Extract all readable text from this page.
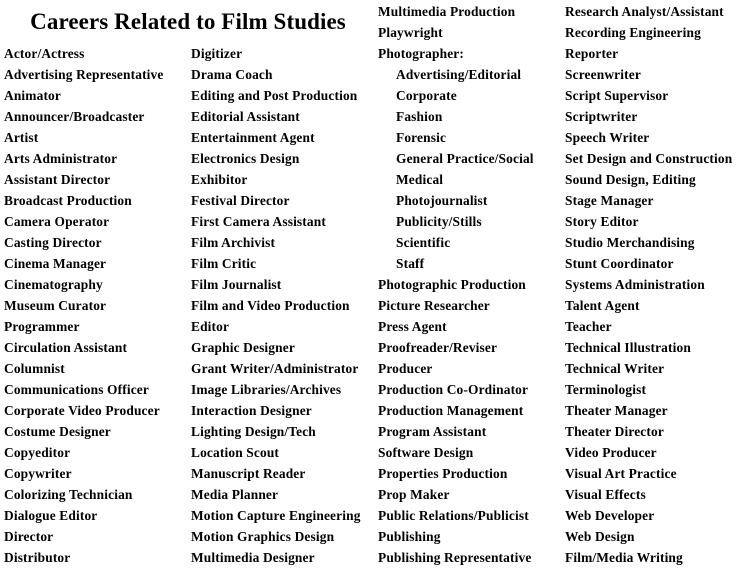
Careers Related to Film Studies
Actor/Actress
Advertising Representative
Animator
Announcer/Broadcaster
Artist
Arts Administrator
Assistant Director
Broadcast Production
Camera Operator
Casting Director
Cinema Manager
Cinematography
Museum Curator
Programmer
Circulation Assistant
Columnist
Communications Officer
Corporate Video Producer
Costume Designer
Copyeditor
Copywriter
Colorizing Technician
Dialogue Editor
Director
Distributor
Digitizer
Drama Coach
Editing and Post Production
Editorial Assistant
Entertainment Agent
Electronics Design
Exhibitor
Festival Director
First Camera Assistant
Film Archivist
Film Critic
Film Journalist
Film and Video Production
Editor
Graphic Designer
Grant Writer/Administrator
Image Libraries/Archives
Interaction Designer
Lighting Design/Tech
Location Scout
Manuscript Reader
Media Planner
Motion Capture Engineering
Motion Graphics Design
Multimedia Designer
Multimedia Production
Playwright
Photographer:
Advertising/Editorial
Corporate
Fashion
Forensic
General Practice/Social
Medical
Photojournalist
Publicity/Stills
Scientific
Staff
Photographic Production
Picture Researcher
Press Agent
Proofreader/Reviser
Producer
Production Co-Ordinator
Production Management
Program Assistant
Software Design
Properties Production
Prop Maker
Public Relations/Publicist
Publishing
Publishing Representative
Research Analyst/Assistant
Recording Engineering
Reporter
Screenwriter
Script Supervisor
Scriptwriter
Speech Writer
Set Design and Construction
Sound Design, Editing
Stage Manager
Story Editor
Studio Merchandising
Stunt Coordinator
Systems Administration
Talent Agent
Teacher
Technical Illustration
Technical Writer
Terminologist
Theater Manager
Theater Director
Video Producer
Visual Art Practice
Visual Effects
Web Developer
Web Design
Film/Media Writing
